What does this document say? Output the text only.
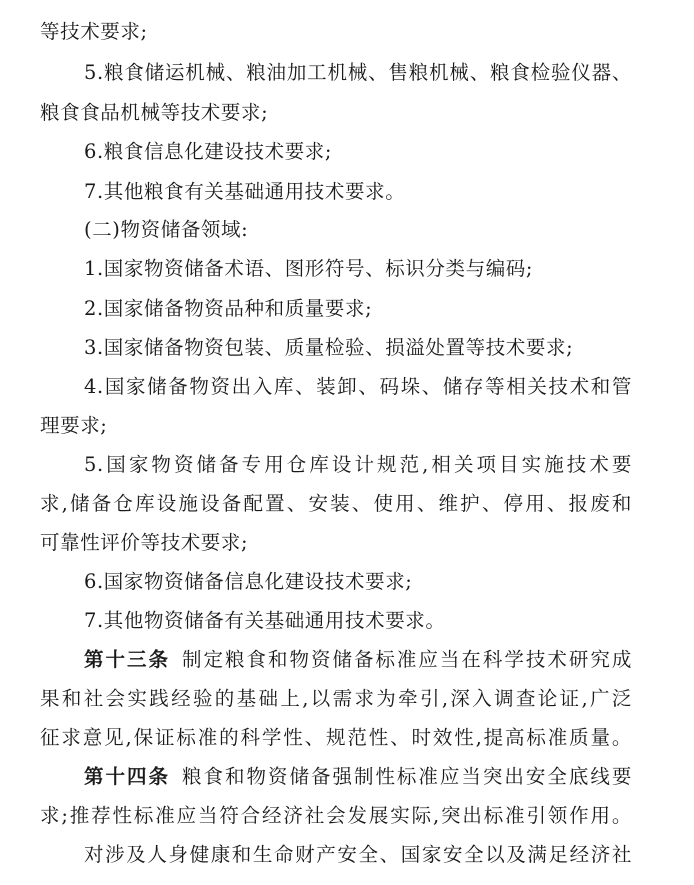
等技术要求;
5.粮食储运机械、粮油加工机械、售粮机械、粮食检验仪器、
粮食食品机械等技术要求;
6.粮食信息化建设技术要求;
7.其他粮食有关基础通用技术要求。
(二)物资储备领域:
1.国家物资储备术语、图形符号、标识分类与编码;
2.国家储备物资品种和质量要求;
3.国家储备物资包装、质量检验、损溢处置等技术要求;
4.国家储备物资出入库、装卸、码垛、储存等相关技术和管
理要求;
5.国家物资储备专用仓库设计规范,相关项目实施技术要
求,储备仓库设施设备配置、安装、使用、维护、停用、报废和
可靠性评价等技术要求;
6.国家物资储备信息化建设技术要求;
7.其他物资储备有关基础通用技术要求。
第十三条 制定粮食和物资储备标准应当在科学技术研究成
果和社会实践经验的基础上,以需求为牵引,深入调查论证,广泛
征求意见,保证标准的科学性、规范性、时效性,提高标准质量。
第十四条 粮食和物资储备强制性标准应当突出安全底线要
求;推荐性标准应当符合经济社会发展实际,突出标准引领作用。
对涉及人身健康和生命财产安全、国家安全以及满足经济社
